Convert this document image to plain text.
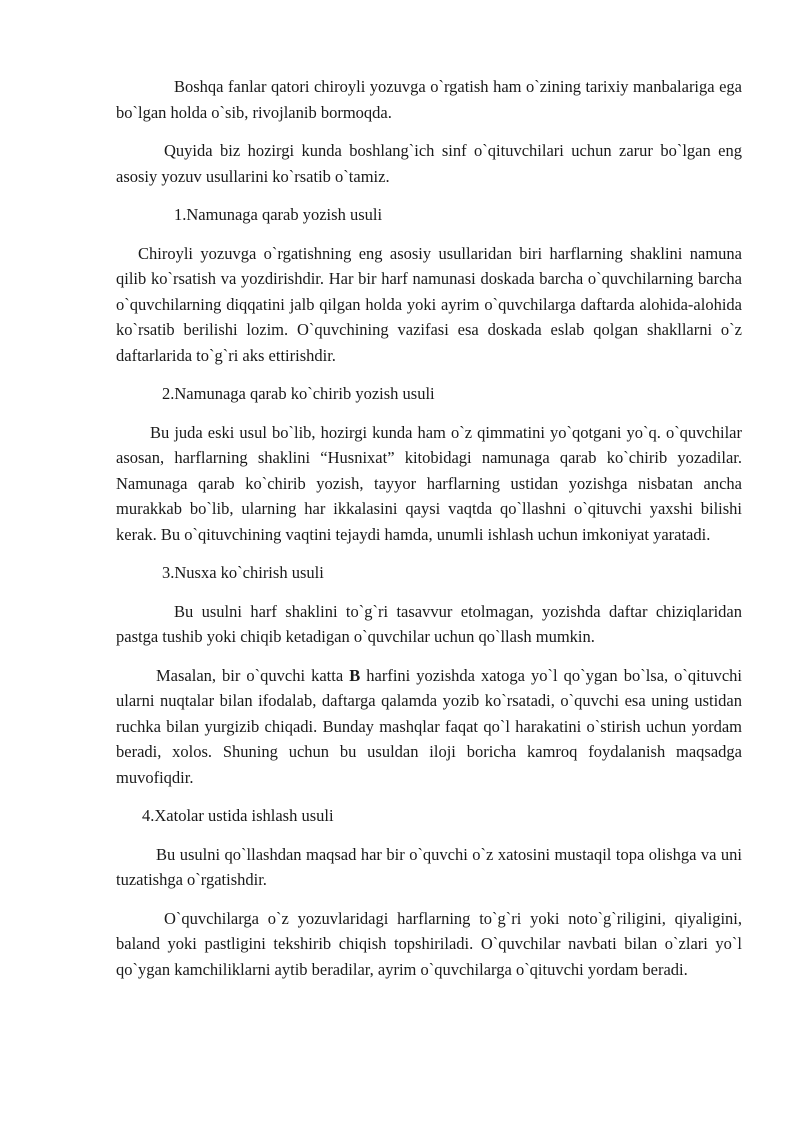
Boshqa fanlar qatori chiroyli yozuvga o`rgatish ham o`zining tarixiy manbalariga ega bo`lgan holda o`sib, rivojlanib bormoqda.

Quyida biz hozirgi kunda boshlang`ich sinf o`qituvchilari uchun zarur bo`lgan eng asosiy yozuv usullarini ko`rsatib o`tamiz.

1.Namunaga qarab yozish usuli

Chiroyli yozuvga o`rgatishning eng asosiy usullaridan biri harflarning shaklini namuna qilib ko`rsatish va yozdirishdir. Har bir harf namunasi doskada barcha o`quvchilarning barcha o`quvchilarning diqqatini jalb qilgan holda yoki ayrim o`quvchilarga daftarda alohida-alohida ko`rsatib berilishi lozim. O`quvchining vazifasi esa doskada eslab qolgan shakllarni o`z daftarlarida to`g`ri aks ettirishdir.

2.Namunaga qarab ko`chirib yozish usuli

Bu juda eski usul bo`lib, hozirgi kunda ham o`z qimmatini yo`qotgani yo`q. o`quvchilar asosan, harflarning shaklini “Husnixat” kitobidagi namunaga qarab ko`chirib yozadilar. Namunaga qarab ko`chirib yozish, tayyor harflarning ustidan yozishga nisbatan ancha murakkab bo`lib, ularning har ikkalasini qaysi vaqtda qo`llashni o`qituvchi yaxshi bilishi kerak. Bu o`qituvchining vaqtini tejaydi hamda, unumli ishlash uchun imkoniyat yaratadi.

3.Nusxa ko`chirish usuli

Bu usulni harf shaklini to`g`ri tasavvur etolmagan, yozishda daftar chiziqlaridan pastga tushib yoki chiqib ketadigan o`quvchilar uchun qo`llash mumkin.

Masalan, bir o`quvchi katta B harfini yozishda xatoga yo`l qo`ygan bo`lsa, o`qituvchi ularni nuqtalar bilan ifodalab, daftarga qalamda yozib ko`rsatadi, o`quvchi esa uning ustidan ruchka bilan yurgizib chiqadi. Bunday mashqlar faqat qo`l harakatini o`stirish uchun yordam beradi, xolos. Shuning uchun bu usuldan iloji boricha kamroq foydalanish maqsadga muvofiqdir.

4.Xatolar ustida ishlash usuli

Bu usulni qo`llashdan maqsad har bir o`quvchi o`z xatosini mustaqil topa olishga va uni tuzatishga o`rgatishdir.

O`quvchilarga o`z yozuvlaridagi harflarning to`g`ri yoki noto`g`riligini, qiyaligini, baland yoki pastligini tekshirib chiqish topshiriladi. O`quvchilar navbati bilan o`zlari yo`l qo`ygan kamchiliklarni aytib beradilar, ayrim o`quvchilarga o`qituvchi yordam beradi.
